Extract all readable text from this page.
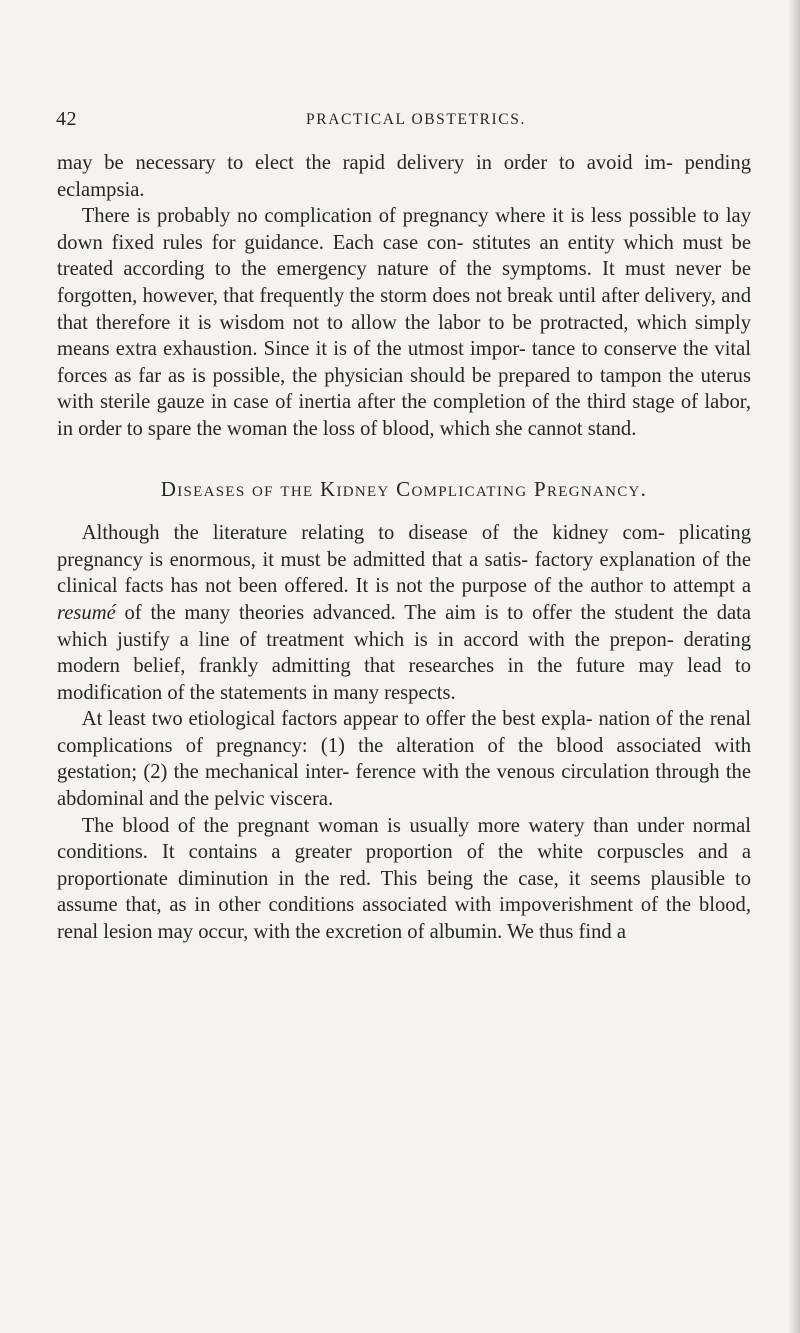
42	PRACTICAL OBSTETRICS.

may be necessary to elect the rapid delivery in order to avoid im- pending eclampsia.

There is probably no complication of pregnancy where it is less possible to lay down fixed rules for guidance. Each case con- stitutes an entity which must be treated according to the emergency nature of the symptoms. It must never be forgotten, however, that frequently the storm does not break until after delivery, and that therefore it is wisdom not to allow the labor to be protracted, which simply means extra exhaustion. Since it is of the utmost impor- tance to conserve the vital forces as far as is possible, the physician should be prepared to tampon the uterus with sterile gauze in case of inertia after the completion of the third stage of labor, in order to spare the woman the loss of blood, which she cannot stand.

Diseases of the Kidney Complicating Pregnancy.

Although the literature relating to disease of the kidney com- plicating pregnancy is enormous, it must be admitted that a satis- factory explanation of the clinical facts has not been offered. It is not the purpose of the author to attempt a resumé of the many theories advanced. The aim is to offer the student the data which justify a line of treatment which is in accord with the prepon- derating modern belief, frankly admitting that researches in the future may lead to modification of the statements in many respects.

At least two etiological factors appear to offer the best expla- nation of the renal complications of pregnancy: (1) the alteration of the blood associated with gestation; (2) the mechanical inter- ference with the venous circulation through the abdominal and the pelvic viscera.

The blood of the pregnant woman is usually more watery than under normal conditions. It contains a greater proportion of the white corpuscles and a proportionate diminution in the red. This being the case, it seems plausible to assume that, as in other conditions associated with impoverishment of the blood, renal lesion may occur, with the excretion of albumin. We thus find a
